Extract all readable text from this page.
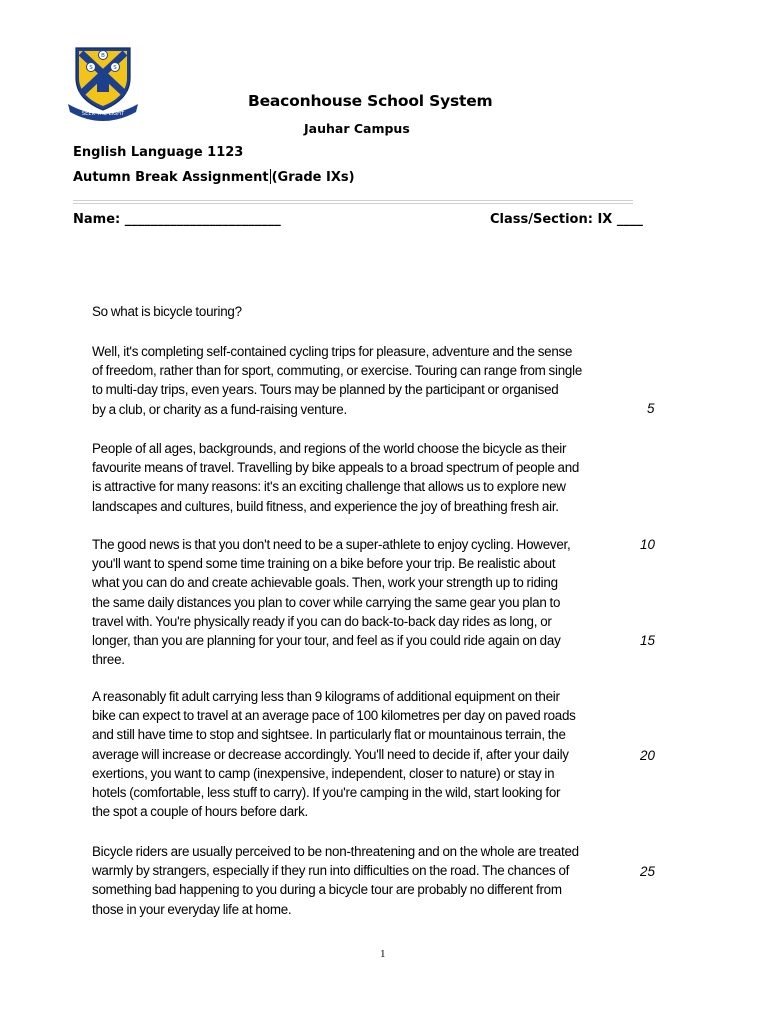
B
S	S
SEEK THE LIGHT
Beaconhouse School System
Jauhar Campus
English Language 1123
Autumn Break Assignment (Grade IXs)
Name: ________________________	Class/Section: IX ____

So what is bicycle touring?

Well, it's completing self-contained cycling trips for pleasure, adventure and the sense
of freedom, rather than for sport, commuting, or exercise. Touring can range from single
to multi-day trips, even years. Tours may be planned by the participant or organised
by a club, or charity as a fund-raising venture.

People of all ages, backgrounds, and regions of the world choose the bicycle as their
favourite means of travel. Travelling by bike appeals to a broad spectrum of people and
is attractive for many reasons: it's an exciting challenge that allows us to explore new
landscapes and cultures, build fitness, and experience the joy of breathing fresh air.

The good news is that you don't need to be a super-athlete to enjoy cycling. However,
you'll want to spend some time training on a bike before your trip. Be realistic about
what you can do and create achievable goals. Then, work your strength up to riding
the same daily distances you plan to cover while carrying the same gear you plan to
travel with. You're physically ready if you can do back-to-back day rides as long, or
longer, than you are planning for your tour, and feel as if you could ride again on day
three.

A reasonably fit adult carrying less than 9 kilograms of additional equipment on their
bike can expect to travel at an average pace of 100 kilometres per day on paved roads
and still have time to stop and sightsee. In particularly flat or mountainous terrain, the
average will increase or decrease accordingly. You'll need to decide if, after your daily
exertions, you want to camp (inexpensive, independent, closer to nature) or stay in
hotels (comfortable, less stuff to carry). If you're camping in the wild, start looking for
the spot a couple of hours before dark.

Bicycle riders are usually perceived to be non-threatening and on the whole are treated
warmly by strangers, especially if they run into difficulties on the road. The chances of
something bad happening to you during a bicycle tour are probably no different from
those in your everyday life at home.

5
10
15
20
25
1
